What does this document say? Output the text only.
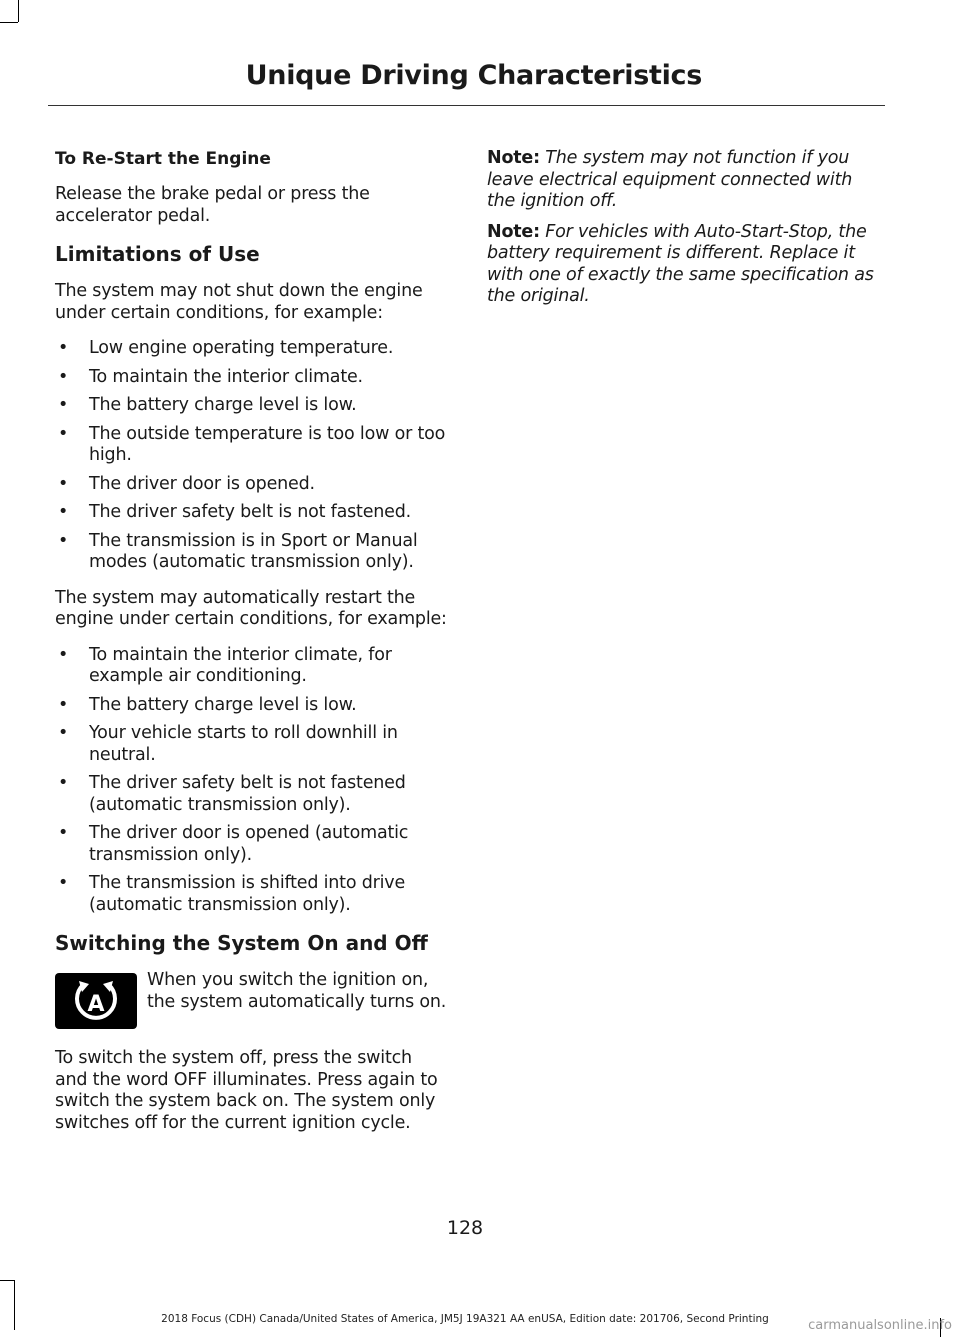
Unique Driving Characteristics
To Re-Start the Engine
Release the brake pedal or press the accelerator pedal.
Limitations of Use
The system may not shut down the engine under certain conditions, for example:
• Low engine operating temperature.
• To maintain the interior climate.
• The battery charge level is low.
• The outside temperature is too low or too high.
• The driver door is opened.
• The driver safety belt is not fastened.
• The transmission is in Sport or Manual modes (automatic transmission only).
The system may automatically restart the engine under certain conditions, for example:
• To maintain the interior climate, for example air conditioning.
• The battery charge level is low.
• Your vehicle starts to roll downhill in neutral.
• The driver safety belt is not fastened (automatic transmission only).
• The driver door is opened (automatic transmission only).
• The transmission is shifted into drive (automatic transmission only).
Switching the System On and Off
A
When you switch the ignition on, the system automatically turns on.
To switch the system off, press the switch and the word OFF illuminates. Press again to switch the system back on. The system only switches off for the current ignition cycle.
Note: The system may not function if you leave electrical equipment connected with the ignition off.
Note: For vehicles with Auto-Start-Stop, the battery requirement is different. Replace it with one of exactly the same specification as the original.
128
2018 Focus (CDH) Canada/United States of America, JM5J 19A321 AA enUSA, Edition date: 201706, Second Printing	carmanualsonline.info
